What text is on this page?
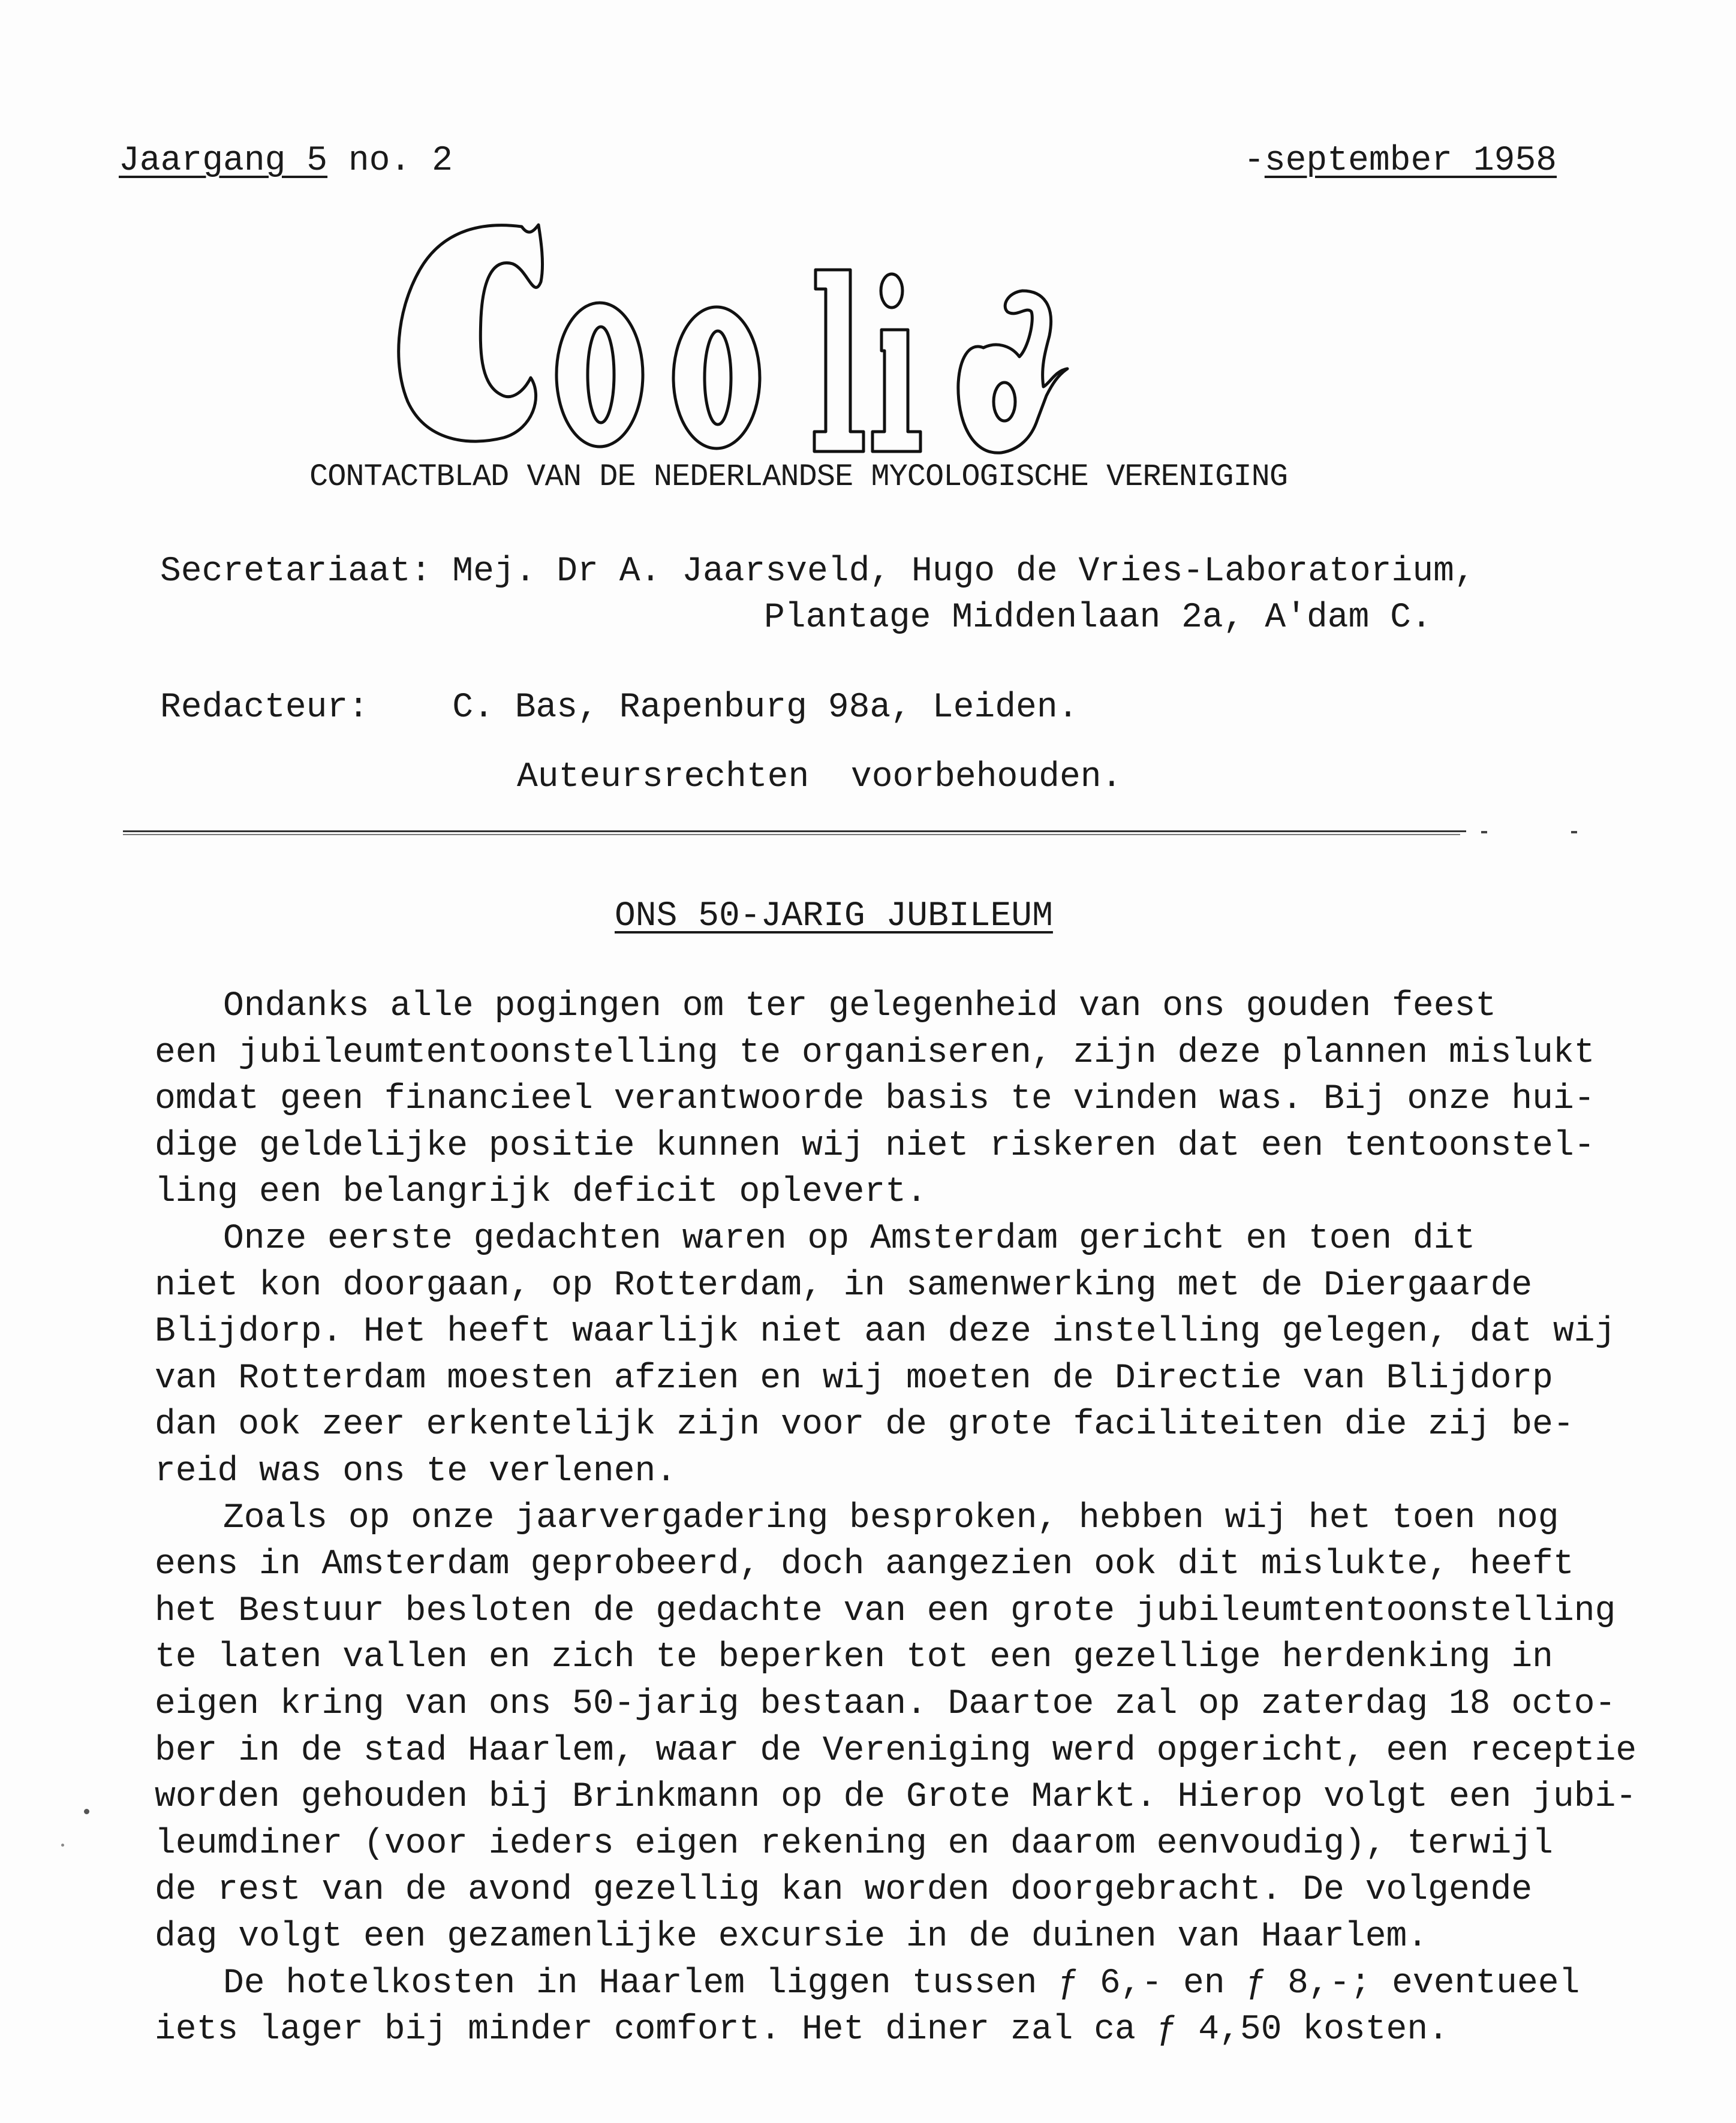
Jaargang 5 no. 2	-september 1958
CONTACTBLAD VAN DE NEDERLANDSE MYCOLOGISCHE VERENIGING
Secretariaat: Mej. Dr A. Jaarsveld, Hugo de Vries-Laboratorium,
Plantage Middenlaan 2a, A'dam C.
Redacteur:    C. Bas, Rapenburg 98a, Leiden.
Auteursrechten  voorbehouden.
ONS 50-JARIG JUBILEUM
Ondanks alle pogingen om ter gelegenheid van ons gouden feest
een jubileumtentoonstelling te organiseren, zijn deze plannen mislukt
omdat geen financieel verantwoorde basis te vinden was. Bij onze hui-
dige geldelijke positie kunnen wij niet riskeren dat een tentoonstel-
ling een belangrijk deficit oplevert.
Onze eerste gedachten waren op Amsterdam gericht en toen dit
niet kon doorgaan, op Rotterdam, in samenwerking met de Diergaarde
Blijdorp. Het heeft waarlijk niet aan deze instelling gelegen, dat wij
van Rotterdam moesten afzien en wij moeten de Directie van Blijdorp
dan ook zeer erkentelijk zijn voor de grote faciliteiten die zij be-
reid was ons te verlenen.
Zoals op onze jaarvergadering besproken, hebben wij het toen nog
eens in Amsterdam geprobeerd, doch aangezien ook dit mislukte, heeft
het Bestuur besloten de gedachte van een grote jubileumtentoonstelling
te laten vallen en zich te beperken tot een gezellige herdenking in
eigen kring van ons 50-jarig bestaan. Daartoe zal op zaterdag 18 octo-
ber in de stad Haarlem, waar de Vereniging werd opgericht, een receptie
worden gehouden bij Brinkmann op de Grote Markt. Hierop volgt een jubi-
leumdiner (voor ieders eigen rekening en daarom eenvoudig), terwijl
de rest van de avond gezellig kan worden doorgebracht. De volgende
dag volgt een gezamenlijke excursie in de duinen van Haarlem.
De hotelkosten in Haarlem liggen tussen ƒ 6,- en ƒ 8,-; eventueel
iets lager bij minder comfort. Het diner zal ca ƒ 4,50 kosten.
